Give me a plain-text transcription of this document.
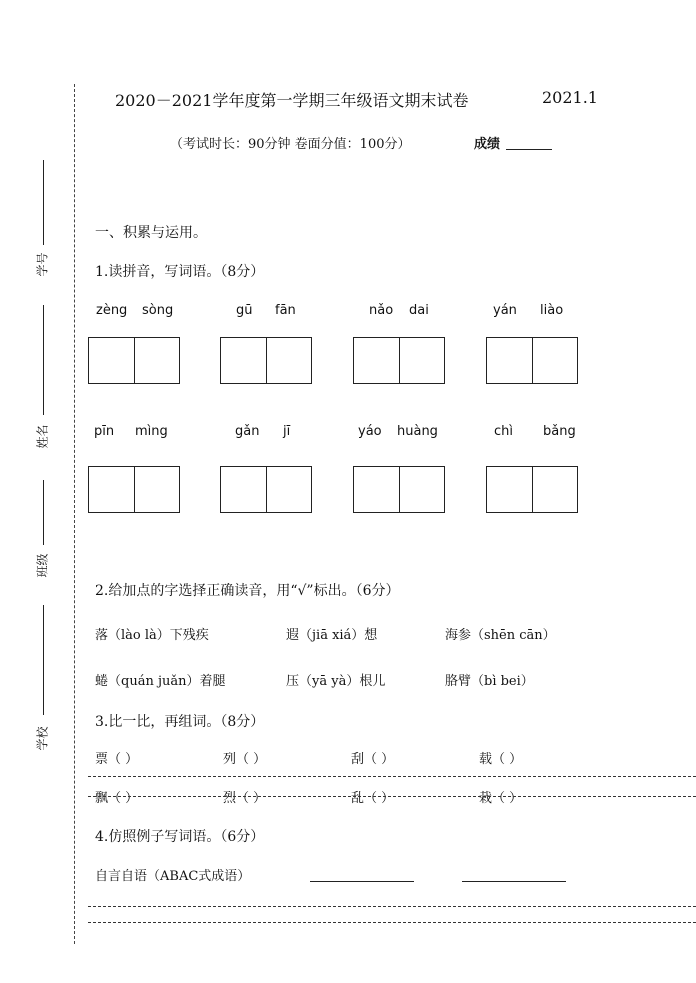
2020－2021学年度第一学期三年级语文期末试卷	2021.1
（考试时长：90分钟 卷面分值：100分）	成绩
学号
姓名
班级
学校
一、积累与运用。
1.读拼音，写词语。（8分）
zèng sòng	gū fān	nǎo dai	yán liào
pīn mìng	gǎn jī	yáo huàng	chì bǎng
2.给加点的字选择正确读音，用“√”标出。（6分）
落（lào là）下残疾	遐（jiā xiá）想	海参（shēn cān）
蜷（quán juǎn）着腿	压（yā yà）根儿	胳臂（bì bei）
3.比一比，再组词。（8分）
票（ ）	列（ ）	刮（ ）	载（ ）
飘（ ）	烈（ ）	乱（ ）	栽（ ）
4.仿照例子写词语。（6分）
自言自语（ABAC式成语）
